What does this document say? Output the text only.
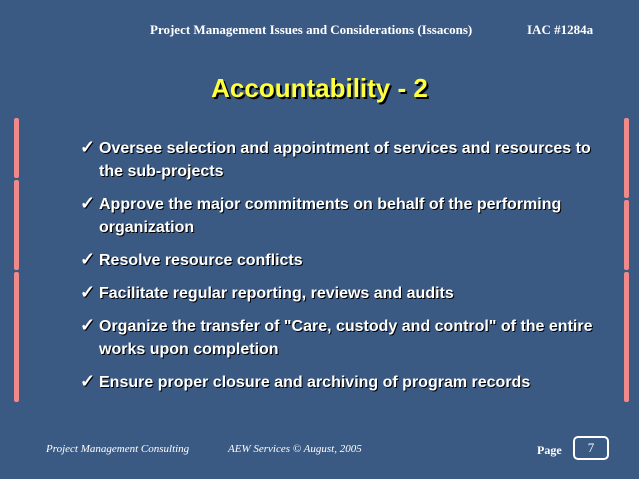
Project Management Issues and Considerations (Issacons)	IAC #1284a
Accountability - 2
✓ Oversee selection and appointment of services and resources to the sub-projects
✓ Approve the major commitments on behalf of the performing organization
✓ Resolve resource conflicts
✓ Facilitate regular reporting, reviews and audits
✓ Organize the transfer of "Care, custody and control" of the entire works upon completion
✓ Ensure proper closure and archiving of program records
Project Management Consulting	AEW Services © August, 2005	Page 7
